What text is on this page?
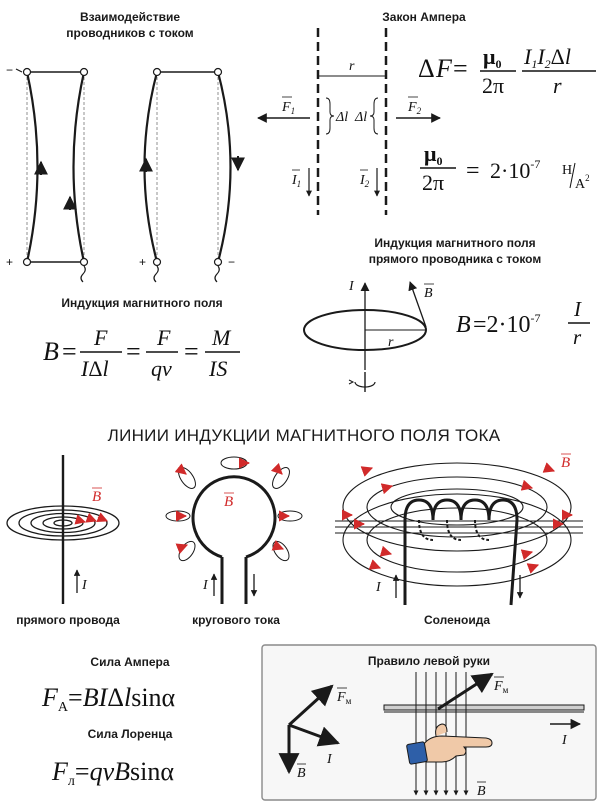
Взаимодействие
проводников с током
−
+	+	−
Закон Ампера
r
Δl Δl
$F_1$	$F_2$
$I_1$	$I_2$
Δ F = μ0
2π
I1I2Δl
r
μ0
$2\pi = 2\cdot 10^{-7}$ Н
$А^2$
Индукция магнитного поля
прямого проводника с током
I
r
B
$B =2\cdot 10^{-7}$ I
r
Индукция магнитного поля
B = F
IΔl
= F
qv
= M
IS
ЛИНИИ ИНДУКЦИИ МАГНИТНОГО ПОЛЯ ТОКА
B
I
прямого провода
B
I
кругового тока
B
I
Соленоида
Сила Ампера
FА=BIΔlsinα
Сила Лоренца
Fл=qvBsinα
Правило левой руки
B
I
$F_м$
$F_м$
I
B
